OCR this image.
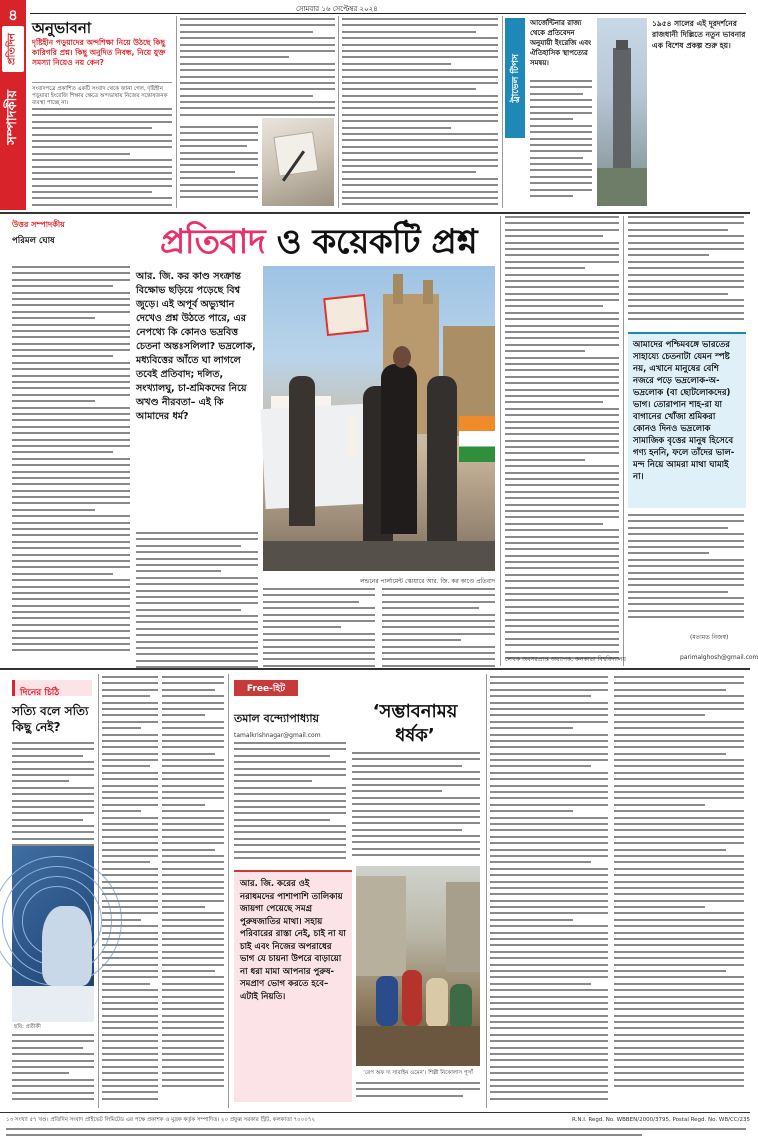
৪
প্রতিদিন
সম্পাদকীয়
সোমবার ১৬ সেপ্টেম্বর ২০২৪
অনুভাবনা
দৃষ্টিহীন পড়ুয়াদের অন্দশিক্ষা নিয়ে উঠছে কিছু কারিগরি প্রশ্ন। কিছু অনুদিত নিবন্ধ, নিয়ে যুক্ত সমস্যা নিয়েও নয় কেন?
সংবাদপত্রে প্রকাশিত একটি সংবাদ থেকে জানা গেল, দৃষ্টিহীন পড়ুয়ারা ইংরেজি শিক্ষার ক্ষেত্রে অন্দভাষায় নিজের সন্তোষজনক ব্যবস্থা পাচ্ছে না।
ট্রাভেল টিপস
আর্জেন্টিনার রাজ্য থেকে প্রতিবেদন অনুযায়ী ইংরেজি এবং ঐতিহাসিক স্থাপত্যের সমন্বয়।
১৯৫৪ সালের এই দূরদর্শনের রাজধানী দিল্লিতে নতুন ভাবনার এক বিশেষ প্রকল্প শুরু হয়।
উত্তর সম্পাদকীয়
পরিমল ঘোষ	প্রতিবাদ ও কয়েকটি প্রশ্ন
আর. জি. কর কাণ্ড সংক্রান্ত বিক্ষোভ ছড়িয়ে পড়েছে বিশ্ব জুড়ে। এই অপূর্ব অভ্যুত্থান দেখেও প্রশ্ন উঠতে পারে, এর নেপথ্যে কি কোনও ভদ্রবিত্ত চেতনা অন্তঃসলিলা? ভদ্রলোক, মধ্যবিত্তের আঁতে ঘা লাগলে তবেই প্রতিবাদ; দলিত, সংখ্যালঘু, চা-শ্রমিকদের নিয়ে অখণ্ড নীরবতা– এই কি আমাদের ধর্ম?
লন্ডনের পার্লামেন্ট স্কোয়ারে আর. জি. কর কাণ্ডে প্রতিবাদ
আমাদের পশ্চিমবঙ্গে ভারতের সাহায্যে চেতনাটা যেমন স্পষ্ট নয়, এখানে মানুষের বেশি নজরে পড়ে ভদ্রলোক-অ-ভদ্রলোক (বা ছোটলোকদের) ভাগ। তোরাপান শাহ-রা যা বাগানের খোঁজা শ্রমিকরা কোনও দিনও ভদ্রলোক সামাজিক বৃত্তের মানুষ হিসেবে গণ্য হননি, ফলে তাঁদের ভাল-মন্দ নিয়ে আমরা মাথা ঘামাই না।
(মতামত নিজস্ব)
লেখক অবসরপ্রাপ্ত অধ্যাপক, কলকাতা বিশ্ববিদ্যালয়	parimalghosh@gmail.com
দিনের চিঠি
সত্যি বলে সত্যি কিছু নেই?
ছবি: প্রতীকী
Free-হিট
তমাল বন্দ্যোপাধ্যায়
tamalkrishnagar@gmail.com
‘সম্ভাবনাময় ধর্ষক’
আর. জি. করের ওই নরাধমদের পাশাপাশি তালিকায় জায়গা পেয়েছে সমগ্র পুরুষজাতির মাথা। সহায় পরিবারের রাস্তা নেই, চাই না যা চাই এবং নিজের অপরাধের ভাগ যে চায়না উপরে বাড়ায়ো না ধরা মামা আপনার পুরুষ-সমপ্রাণ ভোগ করতে হবে– এটাই নিয়তি।
‘রেপ অফ দ্য সাবাইন ওমেন’। শিল্পী নিকোলাস পুসাঁ
১৩ সংখ্যা ৫৭ খণ্ড। প্রতিদিন সংবাদ প্রাইভেট লিমিটেড এর পক্ষে প্রকাশক ও মুদ্রক কর্তৃক সম্পাদিত। ২০ প্রফুল্ল সরকার স্ট্রিট, কলকাতা ৭০০০৭২	R.N.I. Regd. No. WBBEN/2000/3795, Postal Regd. No. WB/CC/235
